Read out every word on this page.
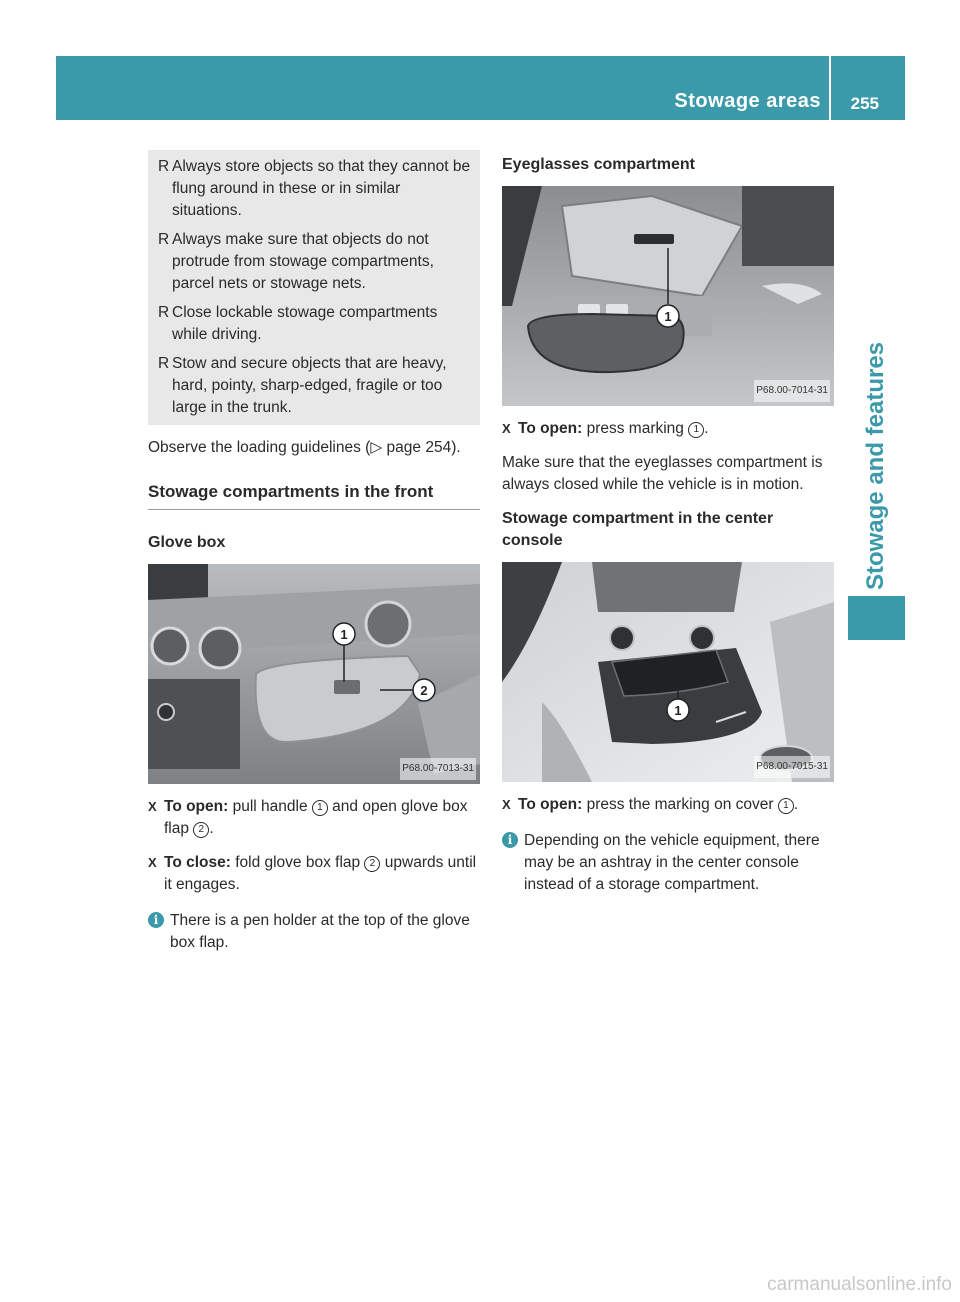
Stowage areas 255
Stowage and features
R Always store objects so that they cannot be flung around in these or in similar situations.
R Always make sure that objects do not protrude from stowage compartments, parcel nets or stowage nets.
R Close lockable stowage compartments while driving.
R Stow and secure objects that are heavy, hard, pointy, sharp-edged, fragile or too large in the trunk.

Observe the loading guidelines (▷ page 254).

Stowage compartments in the front
Glove box
1
2
P68.00-7013-31
X To open: pull handle 1 and open glove box flap 2 .
X To close: fold glove box flap 2 upwards until it engages.
i There is a pen holder at the top of the glove box flap.
Eyeglasses compartment
1
P68.00-7014-31
X To open: press marking 1 .

Make sure that the eyeglasses compartment is always closed while the vehicle is in motion.

Stowage compartment in the center console
1
P68.00-7015-31
X To open: press the marking on cover 1 .
i Depending on the vehicle equipment, there may be an ashtray in the center console instead of a storage compartment.
carmanualsonline.info
